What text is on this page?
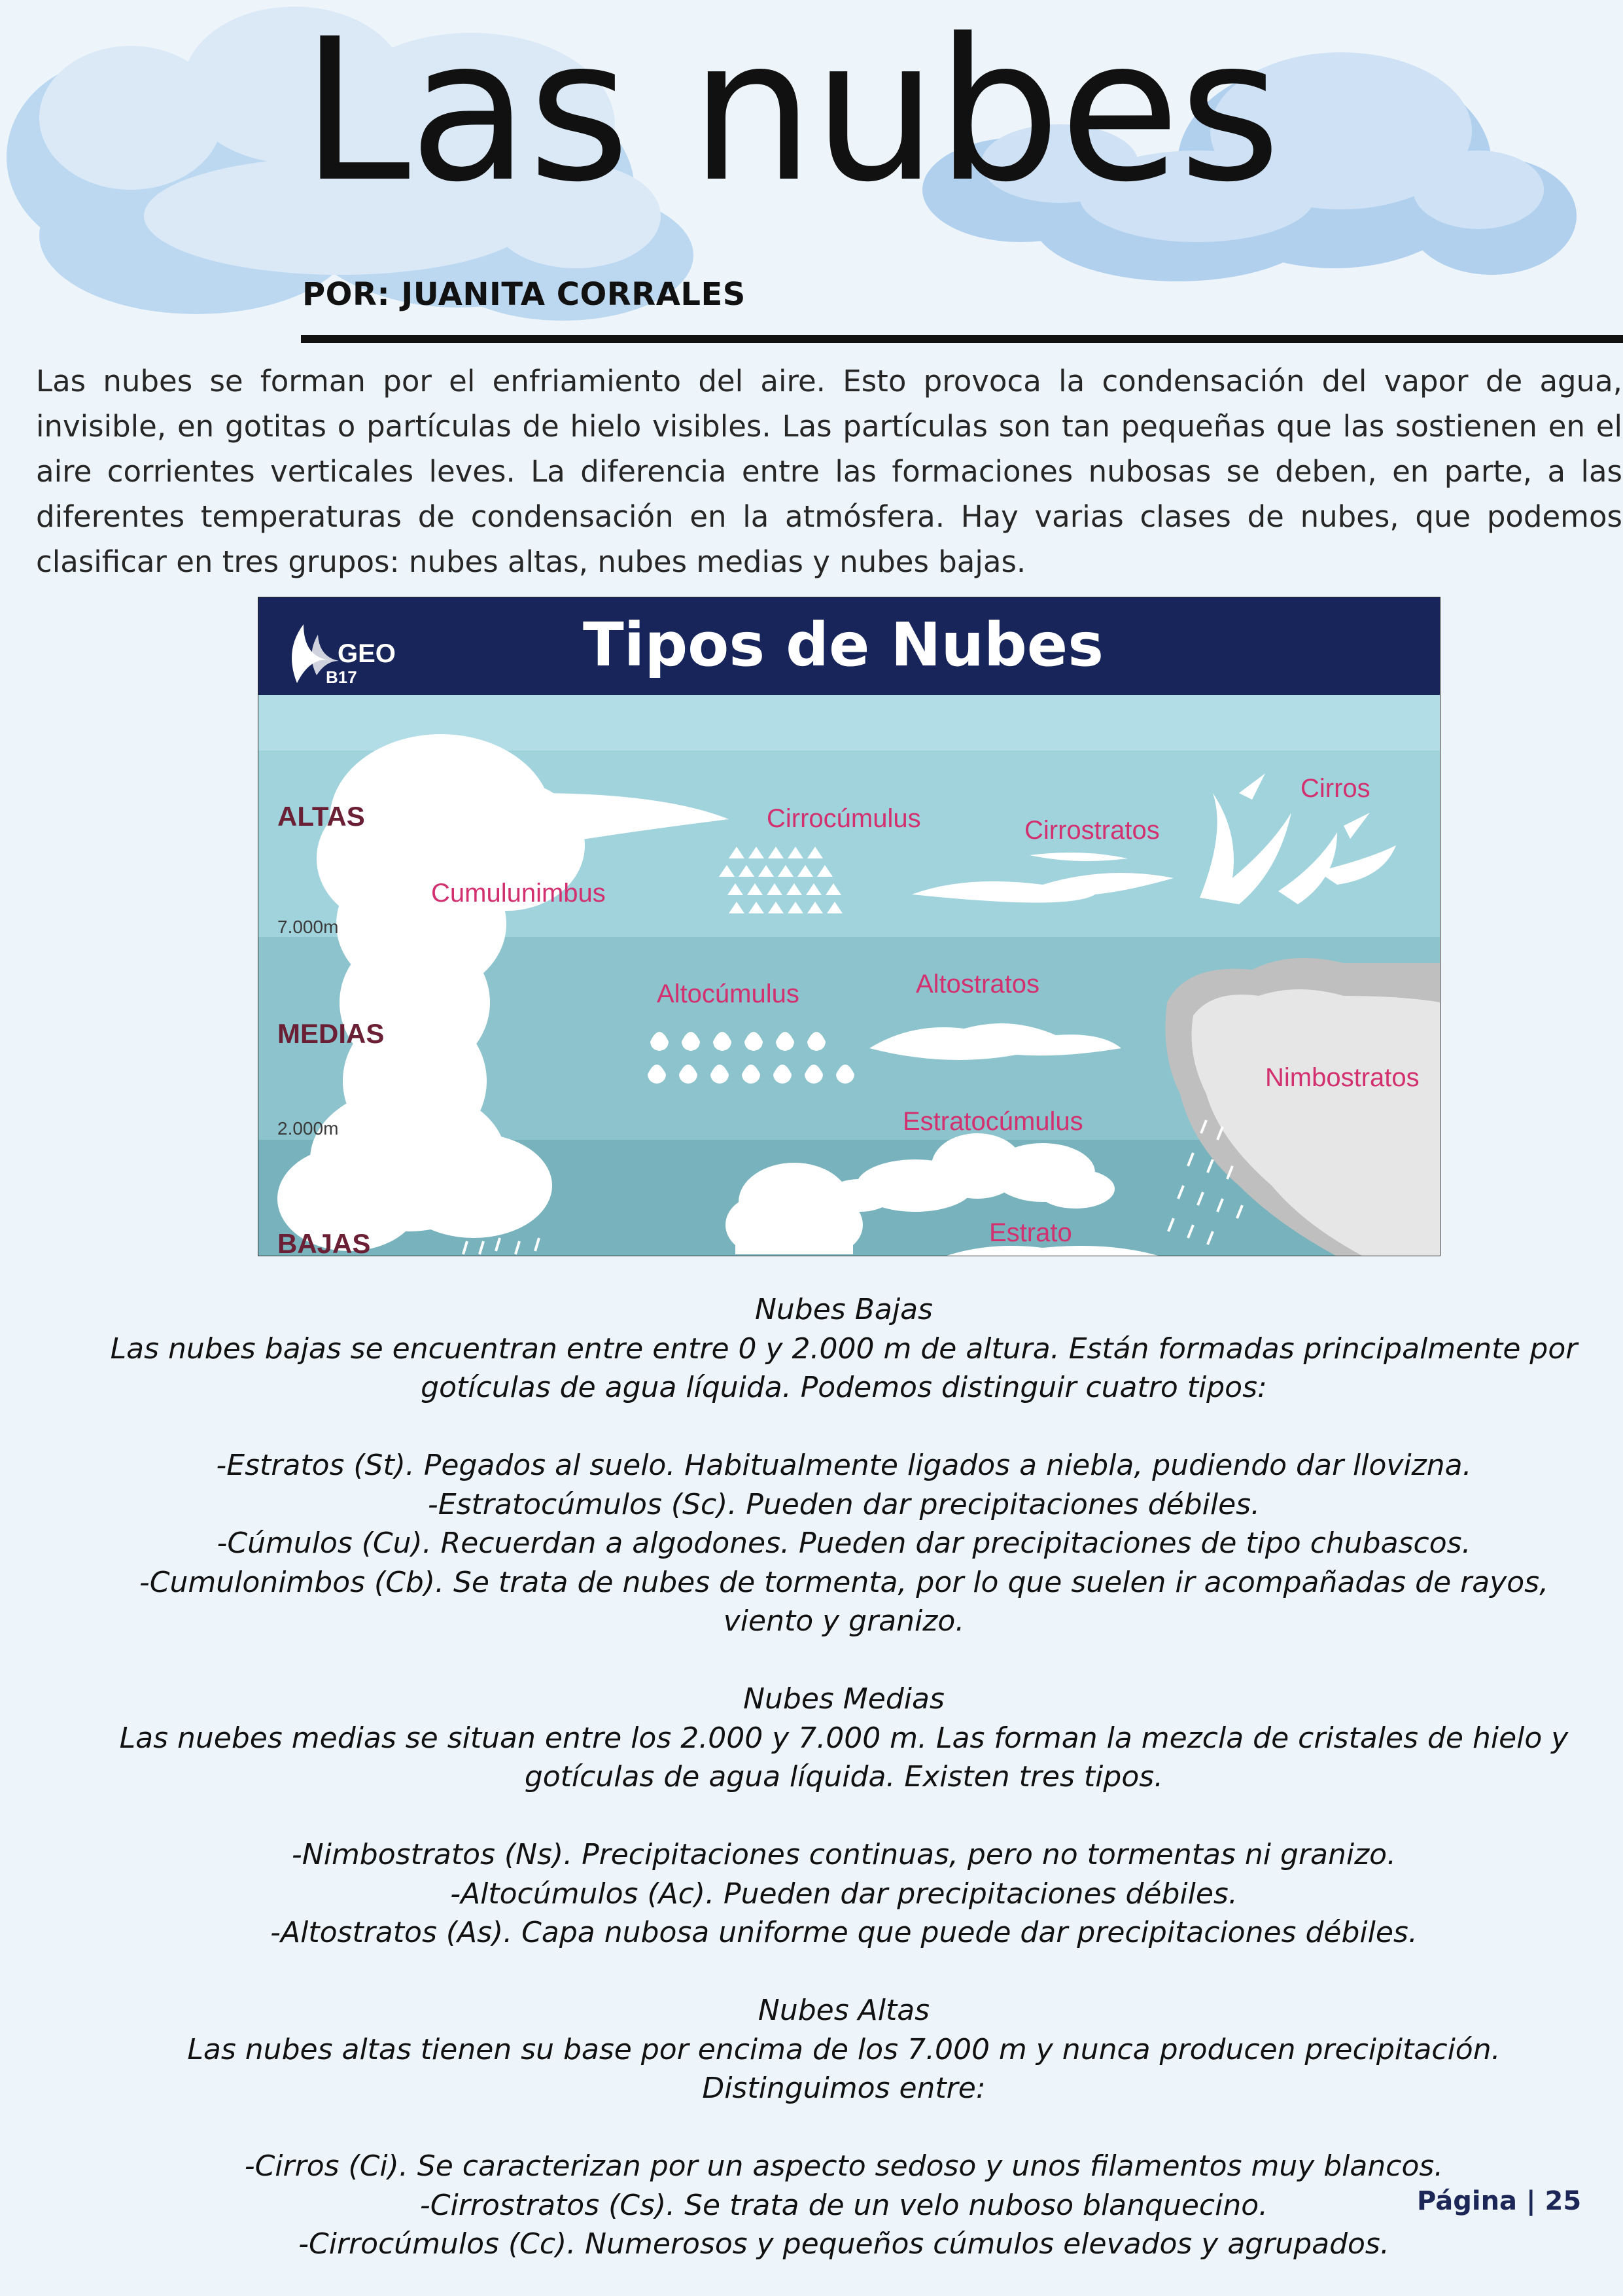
Las nubes
POR: JUANITA CORRALES

Las nubes se forman por el enfriamiento del aire. Esto provoca la condensación del vapor de agua, invisible, en gotitas o partículas de hielo visibles. Las partículas son tan pequeñas que las sostienen en el aire corrientes verticales leves. La diferencia entre las formaciones nubosas se deben, en parte, a las diferentes temperaturas de condensación en la atmósfera. Hay varias clases de nubes, que podemos clasificar en tres grupos: nubes altas, nubes medias y nubes bajas.

GEO
B17	Tipos de Nubes
ALTAS
MEDIAS
BAJAS
7.000m
2.000m
Cumulunimbus
Cirrocúmulus	Cirrostratos
Cirros
Altocúmulus	Altostratos
Nimbostratos
Estratocúmulus
Estrato

Nubes Bajas

Las nubes bajas se encuentran entre entre 0 y 2.000 m de altura. Están formadas principalmente por gotículas de agua líquida. Podemos distinguir cuatro tipos:

-Estratos (St). Pegados al suelo. Habitualmente ligados a niebla, pudiendo dar llovizna.

-Estratocúmulos (Sc). Pueden dar precipitaciones débiles.

-Cúmulos (Cu). Recuerdan a algodones. Pueden dar precipitaciones de tipo chubascos.

-Cumulonimbos (Cb). Se trata de nubes de tormenta, por lo que suelen ir acompañadas de rayos, viento y granizo.

Nubes Medias

Las nuebes medias se situan entre los 2.000 y 7.000 m. Las forman la mezcla de cristales de hielo y gotículas de agua líquida. Existen tres tipos.

-Nimbostratos (Ns). Precipitaciones continuas, pero no tormentas ni granizo.

-Altocúmulos (Ac). Pueden dar precipitaciones débiles.

-Altostratos (As). Capa nubosa uniforme que puede dar precipitaciones débiles.

Nubes Altas

Las nubes altas tienen su base por encima de los 7.000 m y nunca producen precipitación. Distinguimos entre:

-Cirros (Ci). Se caracterizan por un aspecto sedoso y unos filamentos muy blancos.

-Cirrostratos (Cs). Se trata de un velo nuboso blanquecino.

-Cirrocúmulos (Cc). Numerosos y pequeños cúmulos elevados y agrupados.

Página | 25
